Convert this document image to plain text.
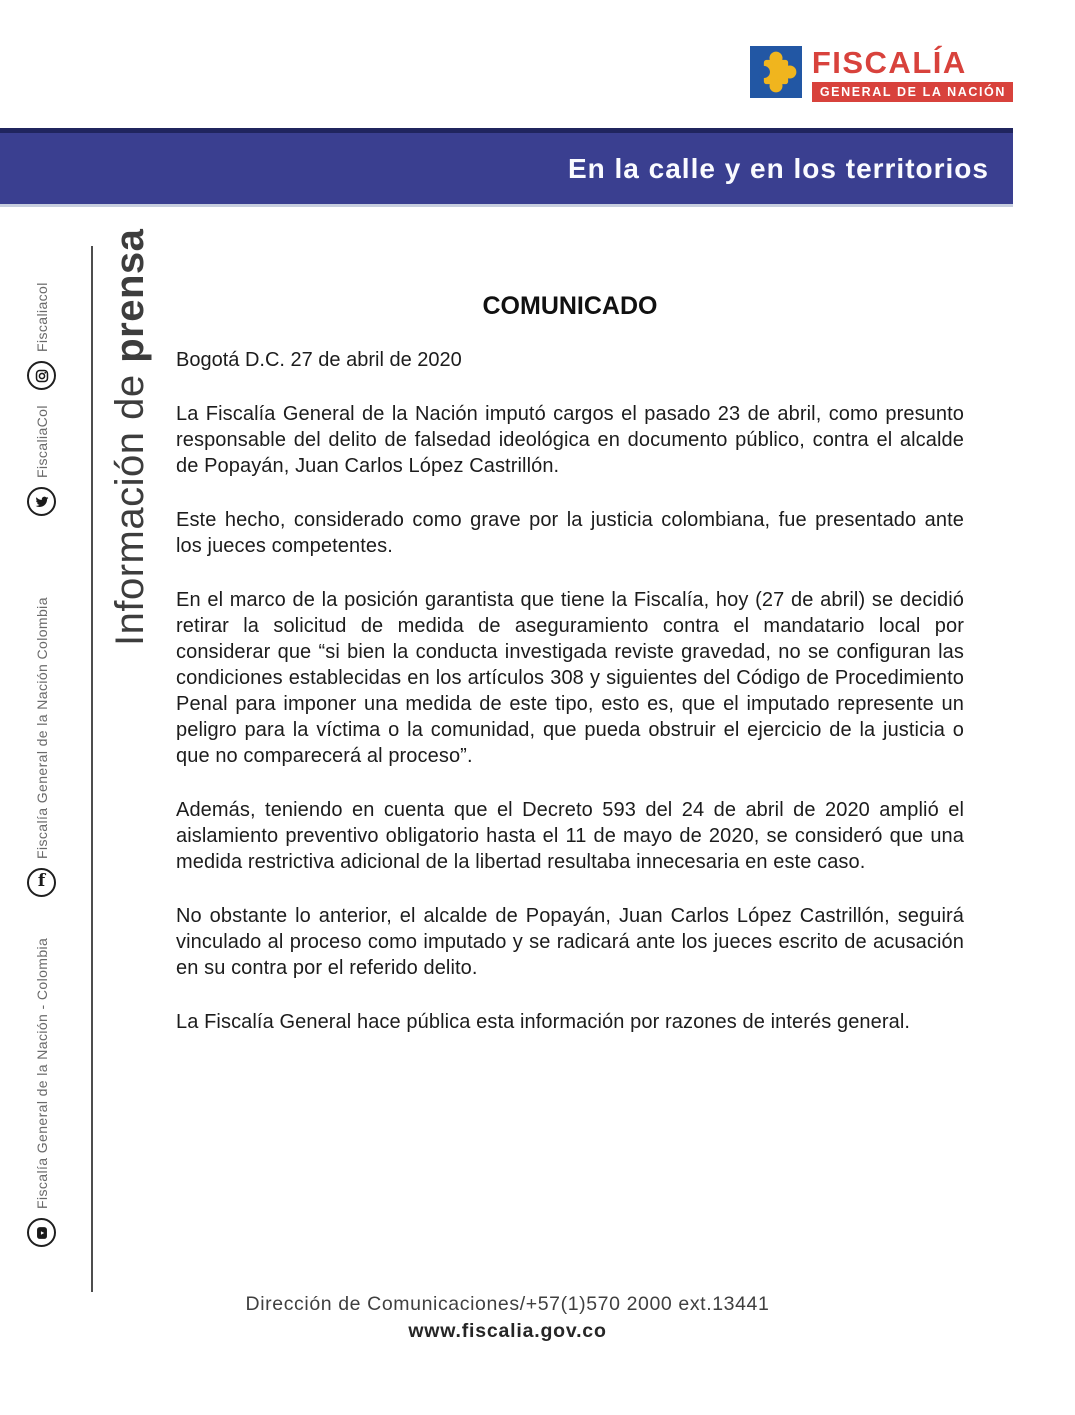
FISCALÍA
GENERAL DE LA NACIÓN
En la calle y en los territorios
Información de prensa
Fiscaliacol
FiscaliaCol
f
Fiscalía General de la Nación Colombia
Fiscalía General de la Nación - Colombia
COMUNICADO
Bogotá D.C. 27 de abril de 2020

La Fiscalía General de la Nación imputó cargos el pasado 23 de abril, como presunto responsable del delito de falsedad ideológica en documento público, contra el alcalde de Popayán, Juan Carlos López Castrillón.

Este hecho, considerado como grave por la justicia colombiana, fue presentado ante los jueces competentes.

En el marco de la posición garantista que tiene la Fiscalía, hoy (27 de abril) se decidió retirar la solicitud de medida de aseguramiento contra el mandatario local por considerar que “si bien la conducta investigada reviste gravedad, no se configuran las condiciones establecidas en los artículos 308 y siguientes del Código de Procedimiento Penal para imponer una medida de este tipo, esto es, que el imputado represente un peligro para la víctima o la comunidad, que pueda obstruir el ejercicio de la justicia o que no comparecerá al proceso”.

Además, teniendo en cuenta que el Decreto 593 del 24 de abril de 2020 amplió el aislamiento preventivo obligatorio hasta el 11 de mayo de 2020, se consideró que una medida restrictiva adicional de la libertad resultaba innecesaria en este caso.

No obstante lo anterior, el alcalde de Popayán, Juan Carlos López Castrillón, seguirá vinculado al proceso como imputado y se radicará ante los jueces escrito de acusación en su contra por el referido delito.

La Fiscalía General hace pública esta información por razones de interés general.

Dirección de Comunicaciones/+57(1)570 2000 ext.13441
www.fiscalia.gov.co
